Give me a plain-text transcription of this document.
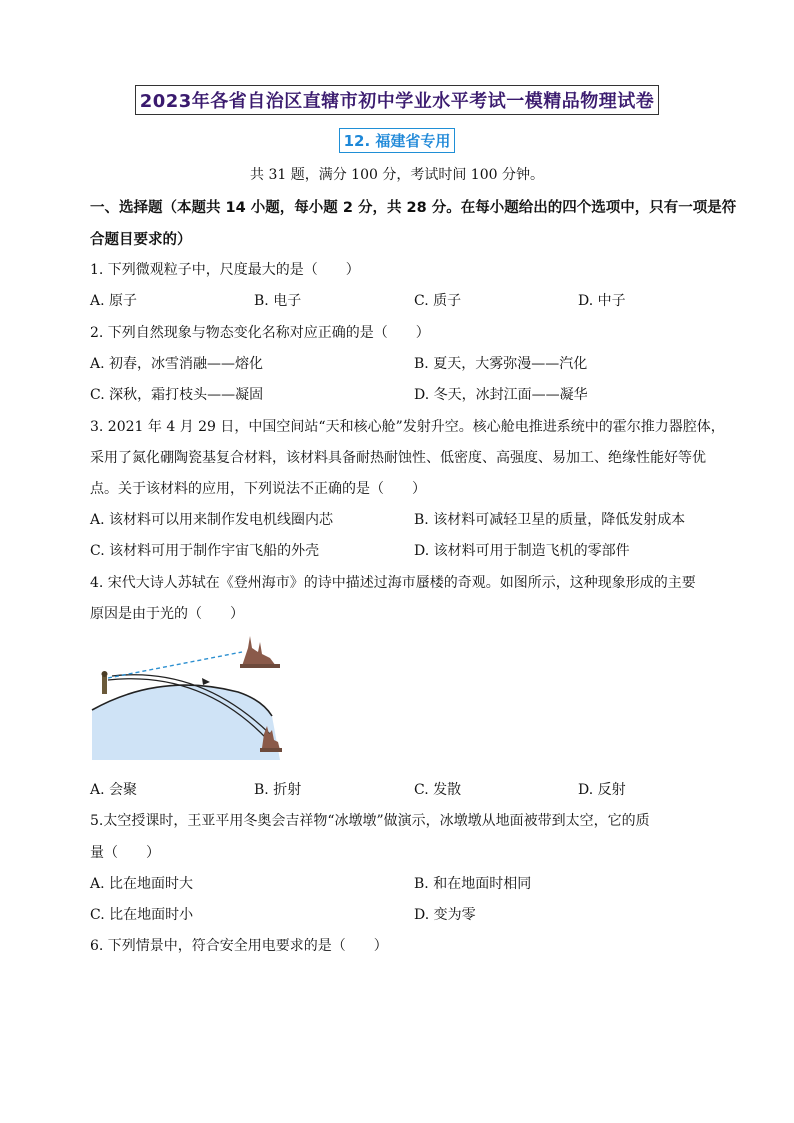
2023年各省自治区直辖市初中学业水平考试一模精品物理试卷
12. 福建省专用
共 31 题，满分 100 分，考试时间 100 分钟。
一、选择题（本题共 14 小题，每小题 2 分，共 28 分。在每小题给出的四个选项中，只有一项是符
合题目要求的）
1. 下列微观粒子中，尺度最大的是（　　）
A. 原子	B. 电子	C. 质子	D. 中子
2. 下列自然现象与物态变化名称对应正确的是（　　）
A. 初春，冰雪消融——熔化	B. 夏天，大雾弥漫——汽化
C. 深秋，霜打枝头——凝固	D. 冬天，冰封江面——凝华
3. 2021 年 4 月 29 日，中国空间站“天和核心舱”发射升空。核心舱电推进系统中的霍尔推力器腔体，
采用了氮化硼陶瓷基复合材料，该材料具备耐热耐蚀性、低密度、高强度、易加工、绝缘性能好等优
点。关于该材料的应用，下列说法不正确的是（　　）
A. 该材料可以用来制作发电机线圈内芯	B. 该材料可减轻卫星的质量，降低发射成本
C. 该材料可用于制作宇宙飞船的外壳	D. 该材料可用于制造飞机的零部件
4. 宋代大诗人苏轼在《登州海市》的诗中描述过海市蜃楼的奇观。如图所示，这种现象形成的主要
原因是由于光的（　　）
A. 会聚	B. 折射	C. 发散	D. 反射
5.太空授课时，王亚平用冬奥会吉祥物“冰墩墩”做演示，冰墩墩从地面被带到太空，它的质
量（　　）
A. 比在地面时大	B. 和在地面时相同
C. 比在地面时小	D. 变为零
6. 下列情景中，符合安全用电要求的是（　　）
